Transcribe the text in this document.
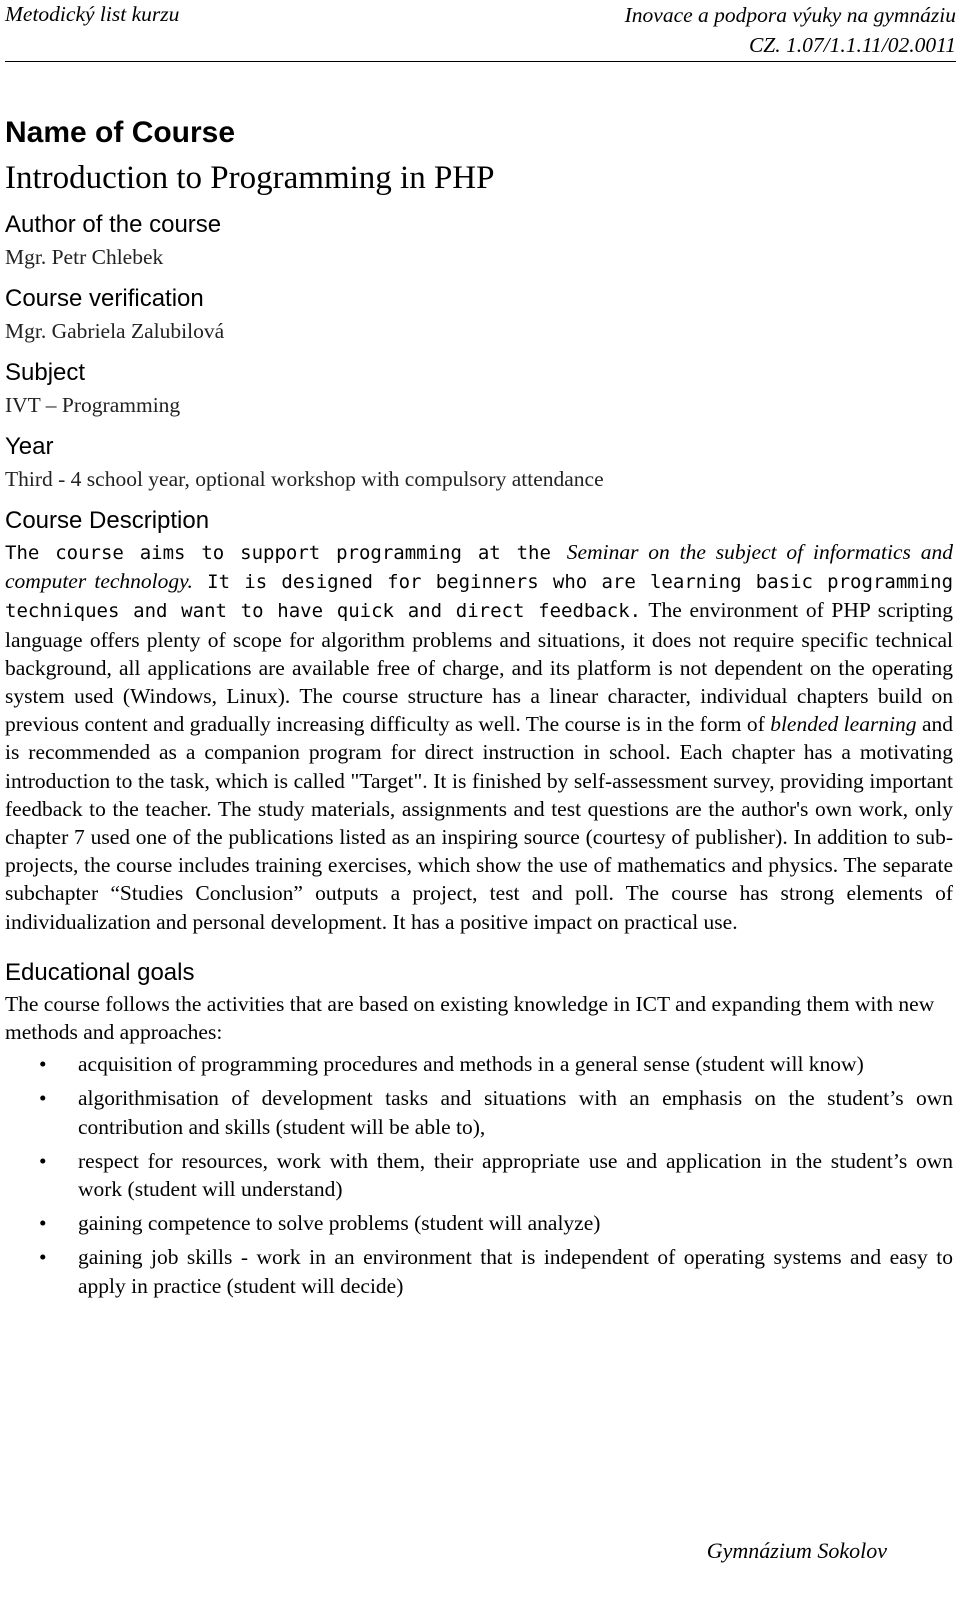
Metodický list kurzu	Inovace a podpora výuky na gymnáziu
CZ. 1.07/1.1.11/02.0011
Name of Course
Introduction to Programming in PHP
Author of the course
Mgr. Petr Chlebek
Course verification
Mgr. Gabriela Zalubilová
Subject
IVT – Programming
Year
Third - 4 school year, optional workshop with compulsory attendance
Course Description

The course aims to support programming at the Seminar on the subject of informatics and computer technology. It is designed for beginners who are learning basic programming techniques and want to have quick and direct feedback. The environment of PHP scripting language offers plenty of scope for algorithm problems and situations, it does not require specific technical background, all applications are available free of charge, and its platform is not dependent on the operating system used (Windows, Linux). The course structure has a linear character, individual chapters build on previous content and gradually increasing difficulty as well. The course is in the form of blended learning and is recommended as a companion program for direct instruction in school. Each chapter has a motivating introduction to the task, which is called "Target". It is finished by self-assessment survey, providing important feedback to the teacher. The study materials, assignments and test questions are the author's own work, only chapter 7 used one of the publications listed as an inspiring source (courtesy of publisher). In addition to sub-projects, the course includes training exercises, which show the use of mathematics and physics. The separate subchapter “Studies Conclusion” outputs a project, test and poll. The course has strong elements of individualization and personal development. It has a positive impact on practical use.

Educational goals

The course follows the activities that are based on existing knowledge in ICT and expanding them with new methods and approaches:

• acquisition of programming procedures and methods in a general sense (student will know)
• algorithmisation of development tasks and situations with an emphasis on the student’s own contribution and skills (student will be able to),
• respect for resources, work with them, their appropriate use and application in the student’s own work (student will understand)
• gaining competence to solve problems (student will analyze)
• gaining job skills - work in an environment that is independent of operating systems and easy to apply in practice (student will decide)
Gymnázium Sokolov
